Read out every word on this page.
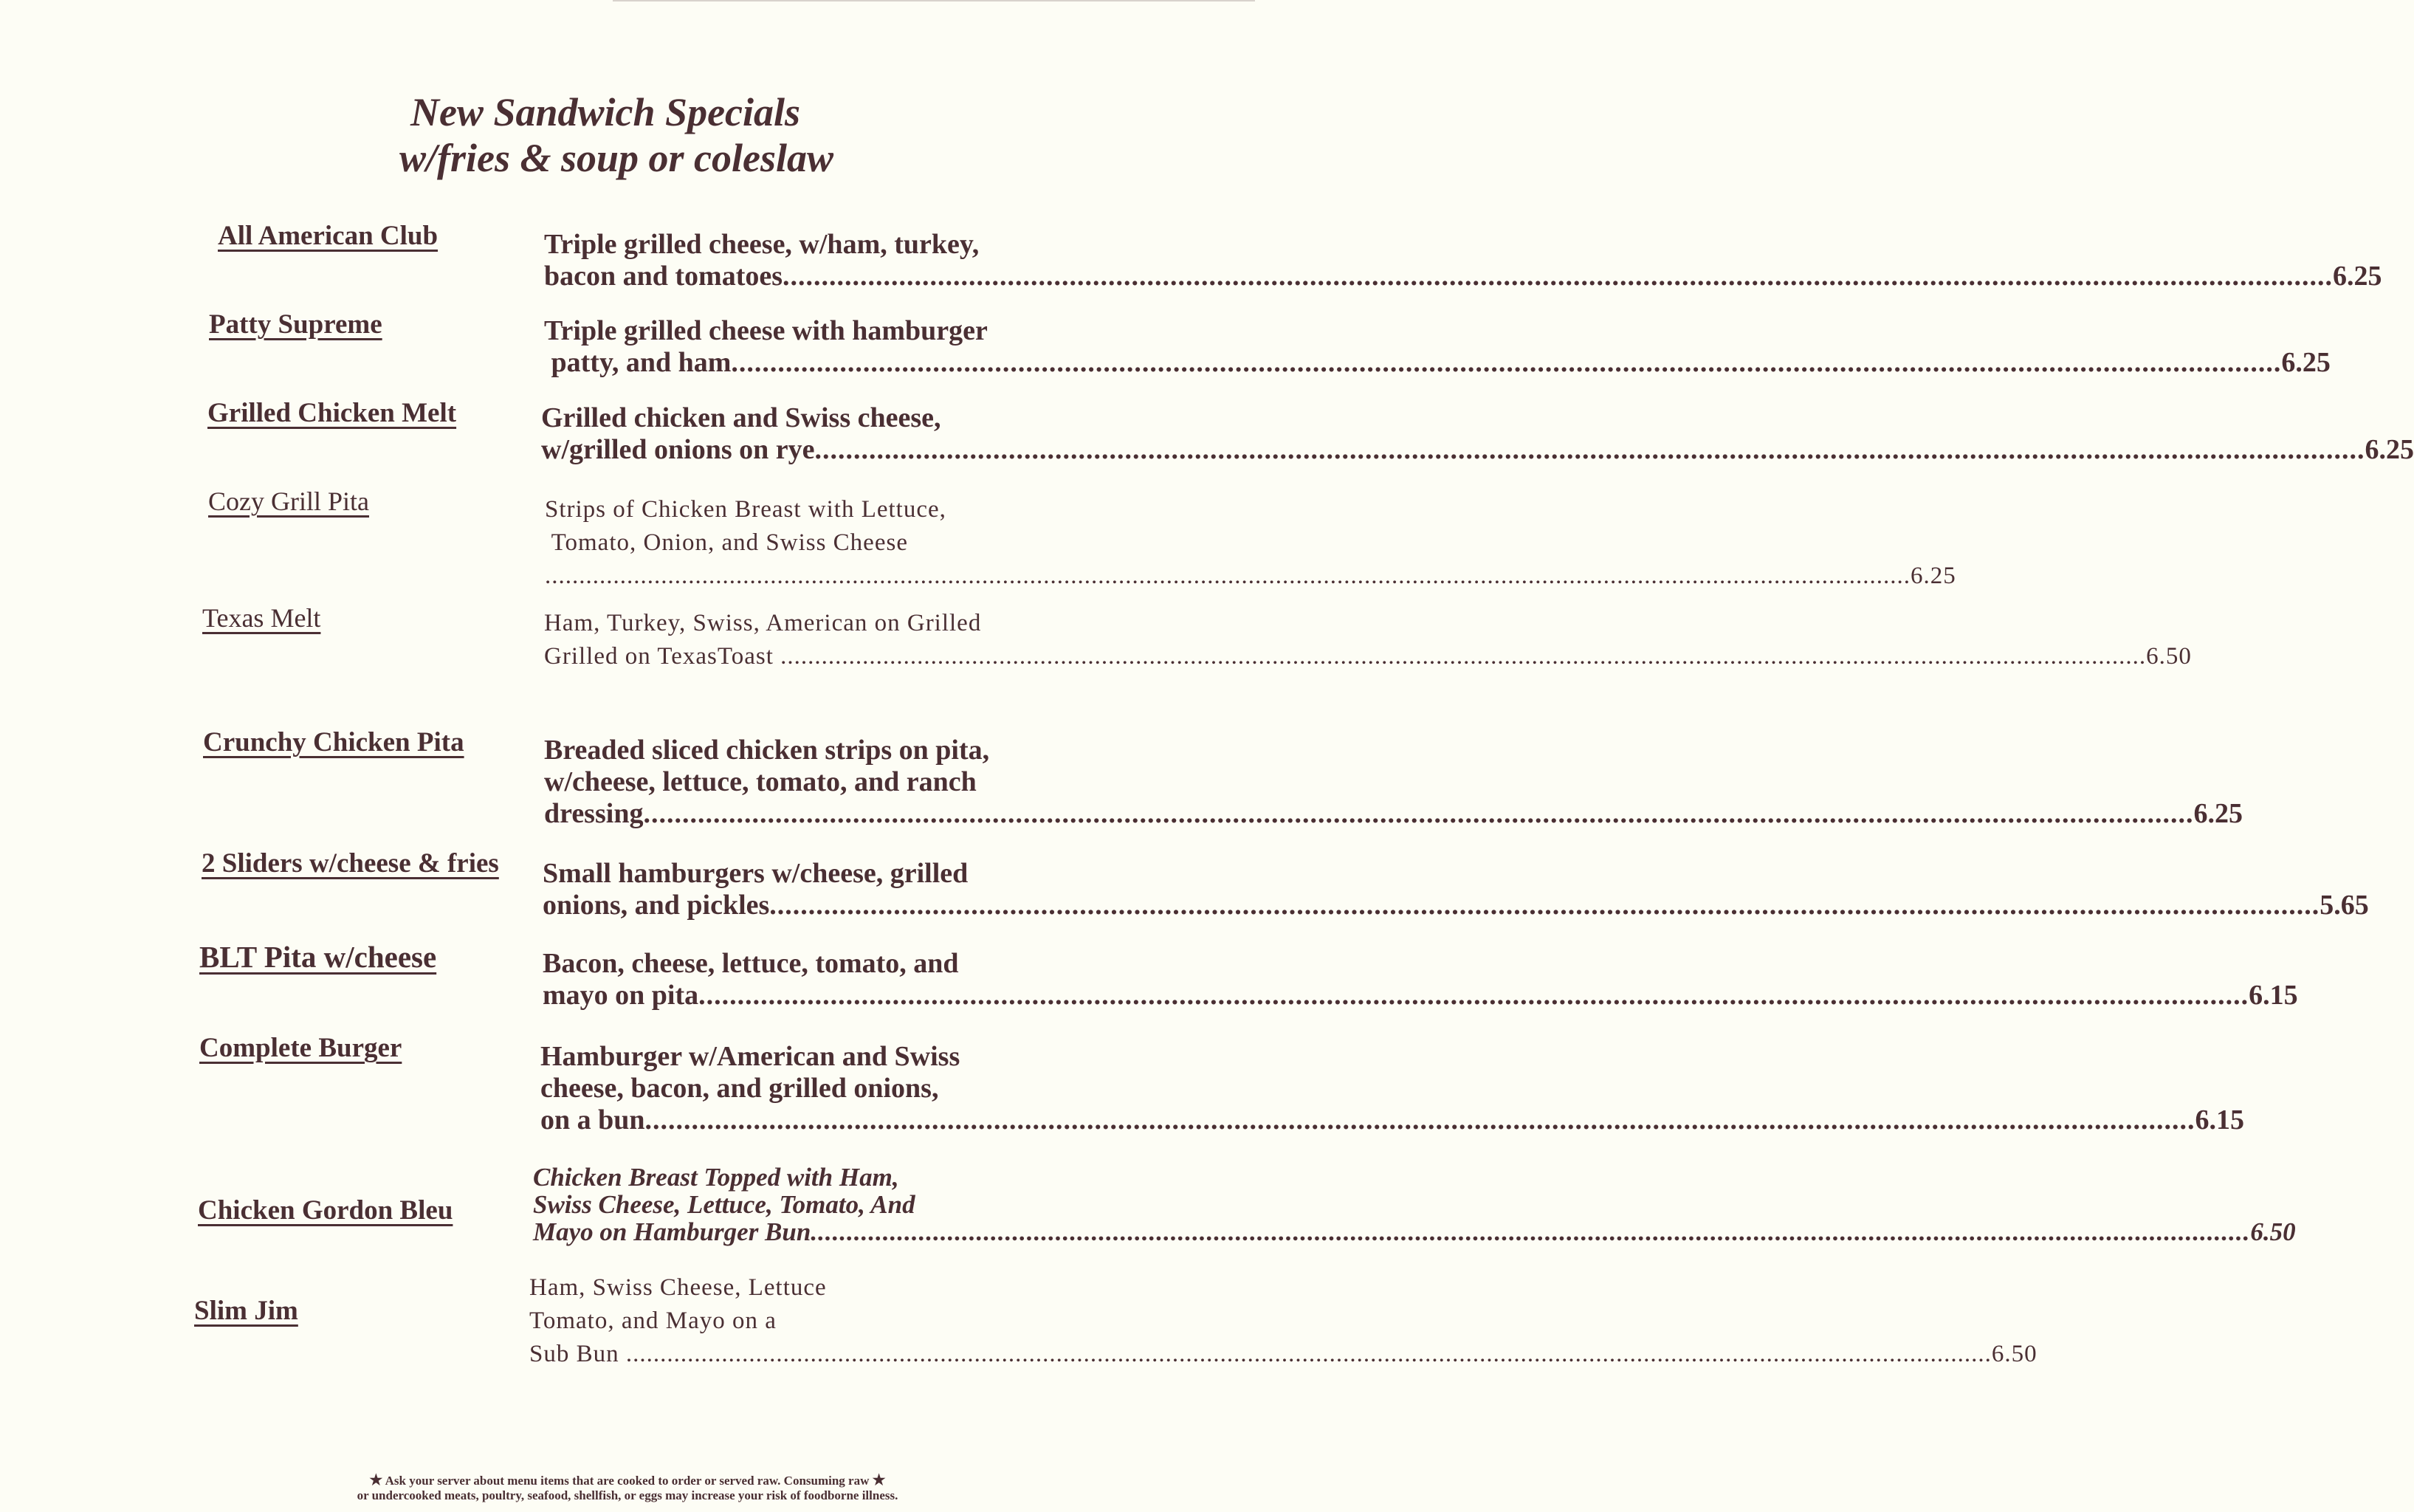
New Sandwich Specials
w/fries & soup or coleslaw
All American Club	Triple grilled cheese, w/ham, turkey,
bacon and tomatoes........................................................................................................................................................................................................6.25
Patty Supreme	Triple grilled cheese with hamburger
patty, and ham........................................................................................................................................................................................................6.25
Grilled Chicken Melt	Grilled chicken and Swiss cheese,
w/grilled onions on rye........................................................................................................................................................................................................6.25
Cozy Grill Pita	Strips of Chicken Breast with Lettuce,
Tomato, Onion, and Swiss Cheese
........................................................................................................................................................................................................6.25
Texas Melt	Ham, Turkey, Swiss, American on Grilled
Grilled on TexasToast ........................................................................................................................................................................................................6.50
Crunchy Chicken Pita	Breaded sliced chicken strips on pita,
w/cheese, lettuce, tomato, and ranch
dressing........................................................................................................................................................................................................6.25
2 Sliders w/cheese & fries Small hamburgers w/cheese, grilled
onions, and pickles........................................................................................................................................................................................................5.65
BLT Pita w/cheese	Bacon, cheese, lettuce, tomato, and
mayo on pita........................................................................................................................................................................................................6.15
Complete Burger	Hamburger w/American and Swiss
cheese, bacon, and grilled onions,
on a bun........................................................................................................................................................................................................6.15
Chicken Gordon Bleu
Chicken Breast Topped with Ham,
Swiss Cheese, Lettuce, Tomato, And
Mayo on Hamburger Bun........................................................................................................................................................................................................6.50
Slim Jim
Ham, Swiss Cheese, Lettuce
Tomato, and Mayo on a
Sub Bun ........................................................................................................................................................................................................6.50
★ Ask your server about menu items that are cooked to order or served raw. Consuming raw ★
or undercooked meats, poultry, seafood, shellfish, or eggs may increase your risk of foodborne illness.
